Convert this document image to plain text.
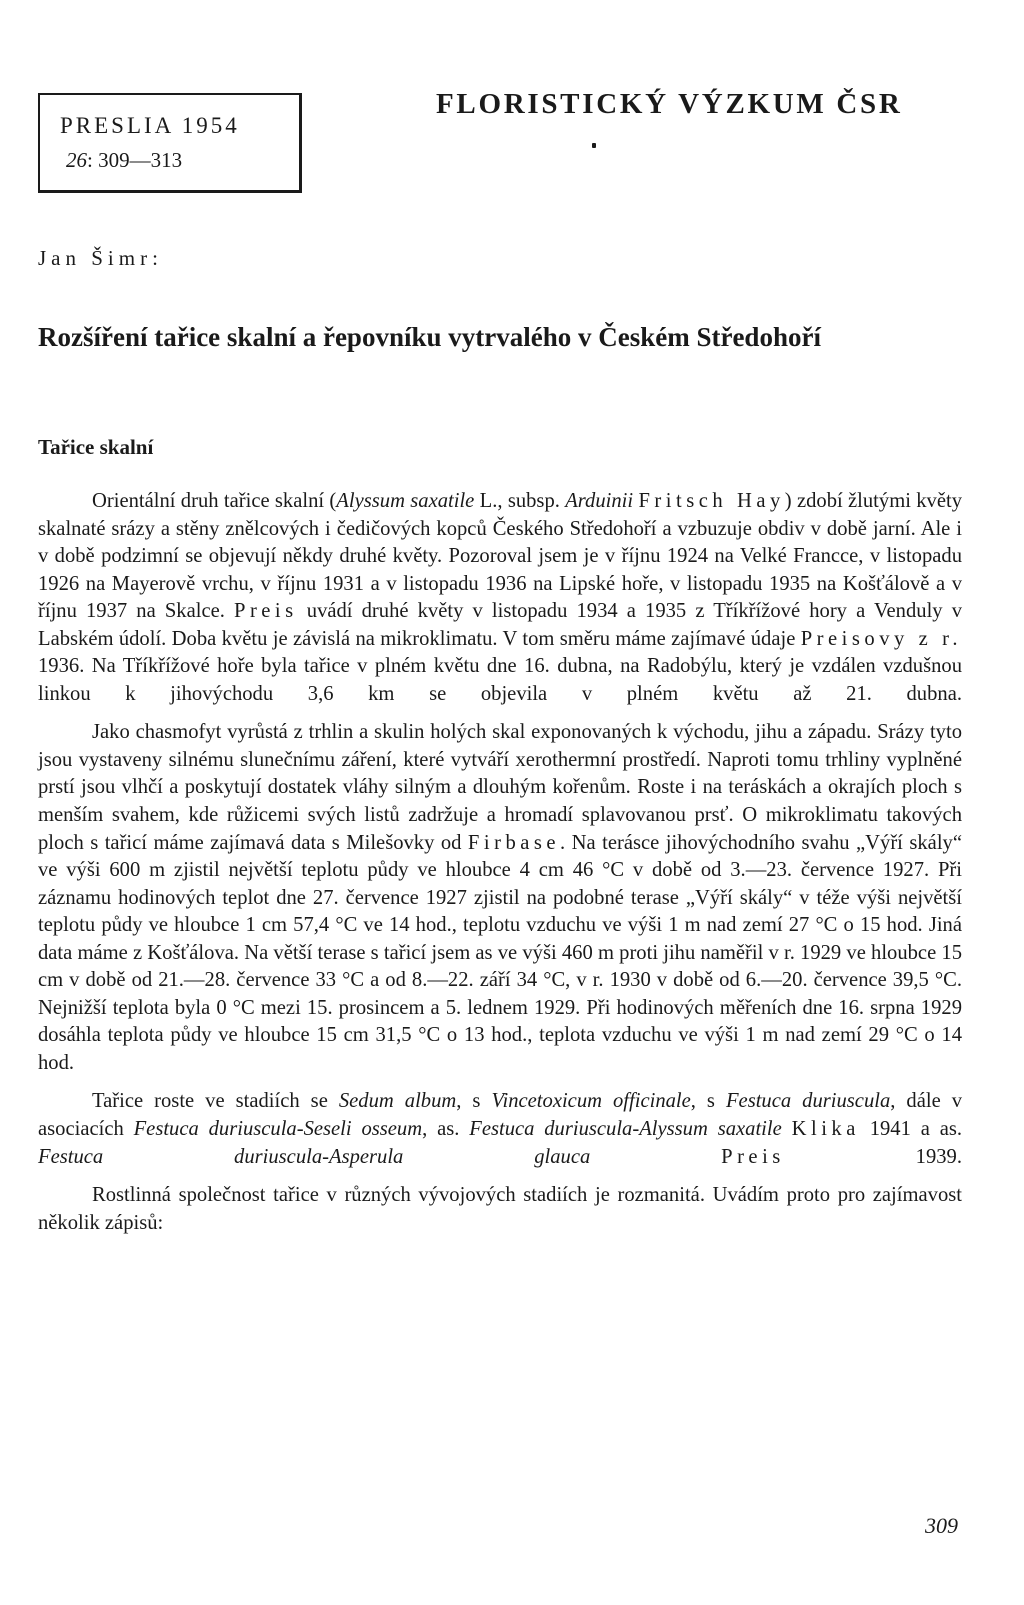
PRESLIA 1954
26: 309—313
FLORISTICKÝ VÝZKUM ČSR
Jan Šimr:
Rozšíření tařice skalní a řepovníku vytrvalého v Českém Středohoří
Tařice skalní

Orientální druh tařice skalní (Alyssum saxatile L., subsp. Arduinii Fritsch Hay) zdobí žlutými květy skalnaté srázy a stěny znělcových i čedičových kopců Českého Středohoří a vzbuzuje obdiv v době jarní. Ale i v době podzimní se objevují někdy druhé květy. Pozoroval jsem je v říjnu 1924 na Velké Francce, v listopadu 1926 na Mayerově vrchu, v říjnu 1931 a v listopadu 1936 na Lipské hoře, v listopadu 1935 na Košťálově a v říjnu 1937 na Skalce. Preis uvádí druhé květy v listopadu 1934 a 1935 z Tříkřížové hory a Venduly v Labském údolí. Doba květu je závislá na mikroklimatu. V tom směru máme zajímavé údaje Preisovy z r. 1936. Na Tříkřížové hoře byla tařice v plném květu dne 16. dubna, na Radobýlu, který je vzdálen vzdušnou linkou k jihovýchodu 3,6 km se objevila v plném květu až 21. dubna.

Jako chasmofyt vyrůstá z trhlin a skulin holých skal exponovaných k východu, jihu a západu. Srázy tyto jsou vystaveny silnému slunečnímu záření, které vytváří xerothermní prostředí. Naproti tomu trhliny vyplněné prstí jsou vlhčí a poskytují dostatek vláhy silným a dlouhým kořenům. Roste i na teráskách a okrajích ploch s menším svahem, kde růžicemi svých listů zadržuje a hromadí splavovanou prsť. O mikroklimatu takových ploch s tařicí máme zajímavá data s Milešovky od Firbase. Na terásce jihovýchodního svahu „Výří skály“ ve výši 600 m zjistil největší teplotu půdy ve hloubce 4 cm 46 °C v době od 3.—23. července 1927. Při záznamu hodinových teplot dne 27. července 1927 zjistil na podobné terase „Výří skály“ v téže výši největší teplotu půdy ve hloubce 1 cm 57,4 °C ve 14 hod., teplotu vzduchu ve výši 1 m nad zemí 27 °C o 15 hod. Jiná data máme z Košťálova. Na větší terase s tařicí jsem as ve výši 460 m proti jihu naměřil v r. 1929 ve hloubce 15 cm v době od 21.—28. července 33 °C a od 8.—22. září 34 °C, v r. 1930 v době od 6.—20. července 39,5 °C. Nejnižší teplota byla 0 °C mezi 15. prosincem a 5. lednem 1929. Při hodinových měřeních dne 16. srpna 1929 dosáhla teplota půdy ve hloubce 15 cm 31,5 °C o 13 hod., teplota vzduchu ve výši 1 m nad zemí 29 °C o 14 hod.

Tařice roste ve stadiích se Sedum album, s Vincetoxicum officinale, s Festuca duriuscula, dále v asociacích Festuca duriuscula-Seseli osseum, as. Festuca duriuscula-Alyssum saxatile Klika 1941 a as. Festuca duriuscula-Asperula glauca	Preis 1939.

Rostlinná společnost tařice v různých vývojových stadiích je rozmanitá. Uvádím proto pro zajímavost několik zápisů:

309
